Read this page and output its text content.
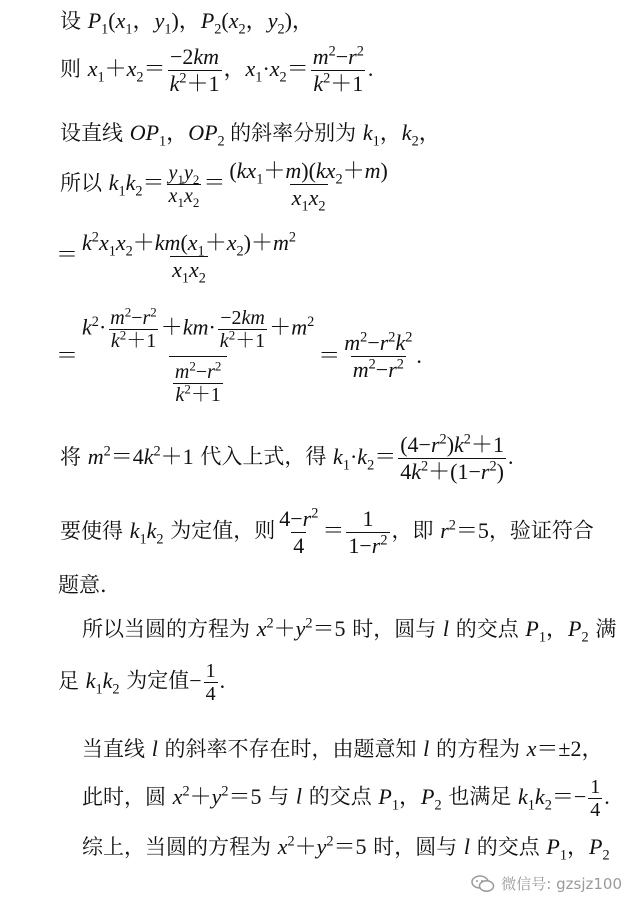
设 $P_1(x_1$，$y_1$)，$P_2(x_2$，$y_2$)，
则 $x_1+x_2= \frac{-2km}{k^2+1}$ ，$x_1\cdot x_2= \frac{m^2-r^2}{k^2+1}$ .
设直线 $OP_1$，$OP_2$ 的斜率分别为 $k_1$，$k_2$，
所以 $k_1k_2= \frac{y_1y_2}{x_1x_2} = \frac{(kx_1+m)(kx_2+m)}{x_1x_2}$
＝ $\frac{k^2x_1x_2+km(x_1+x_2)+m^2}{x_1x_2}$
＝ $\frac{k^2\cdot \frac{m^2-r^2}{k^2+1} +km\cdot \frac{-2km}{k^2+1} +m^2}{\frac{m^2-r^2}{k^2+1}} = \frac{m^2-r^2k^2}{m^2-r^2}$ .
将 $m^2=4k^2+1$ 代入上式，得 $k_1\cdot k_2= \frac{(4-r^2)k^2+1}{4k^2+(1-r^2)}$ .
要使得 $k_1k_2$ 为定值，则 $\frac{4-r^2}{4} = \frac{1}{1-r^2}$ ，即 $r^2=5$，验证符合
题意.
所以当圆的方程为 $x^2+y^2=5$ 时，圆与 l 的交点 $P_1$，$P_2$ 满
足 $k_1k_2$ 为定值− $\frac{1}{4}$ .
当直线 l 的斜率不存在时，由题意知 l 的方程为 x＝±2，
此时，圆 $x^2+y^2=5$ 与 l 的交点 $P_1$，$P_2$ 也满足 $k_1k_2=- \frac{1}{4}$ .
综上，当圆的方程为 $x^2+y^2=5$ 时，圆与 l 的交点 $P_1$，$P_2$
微信号: gzsjz100
